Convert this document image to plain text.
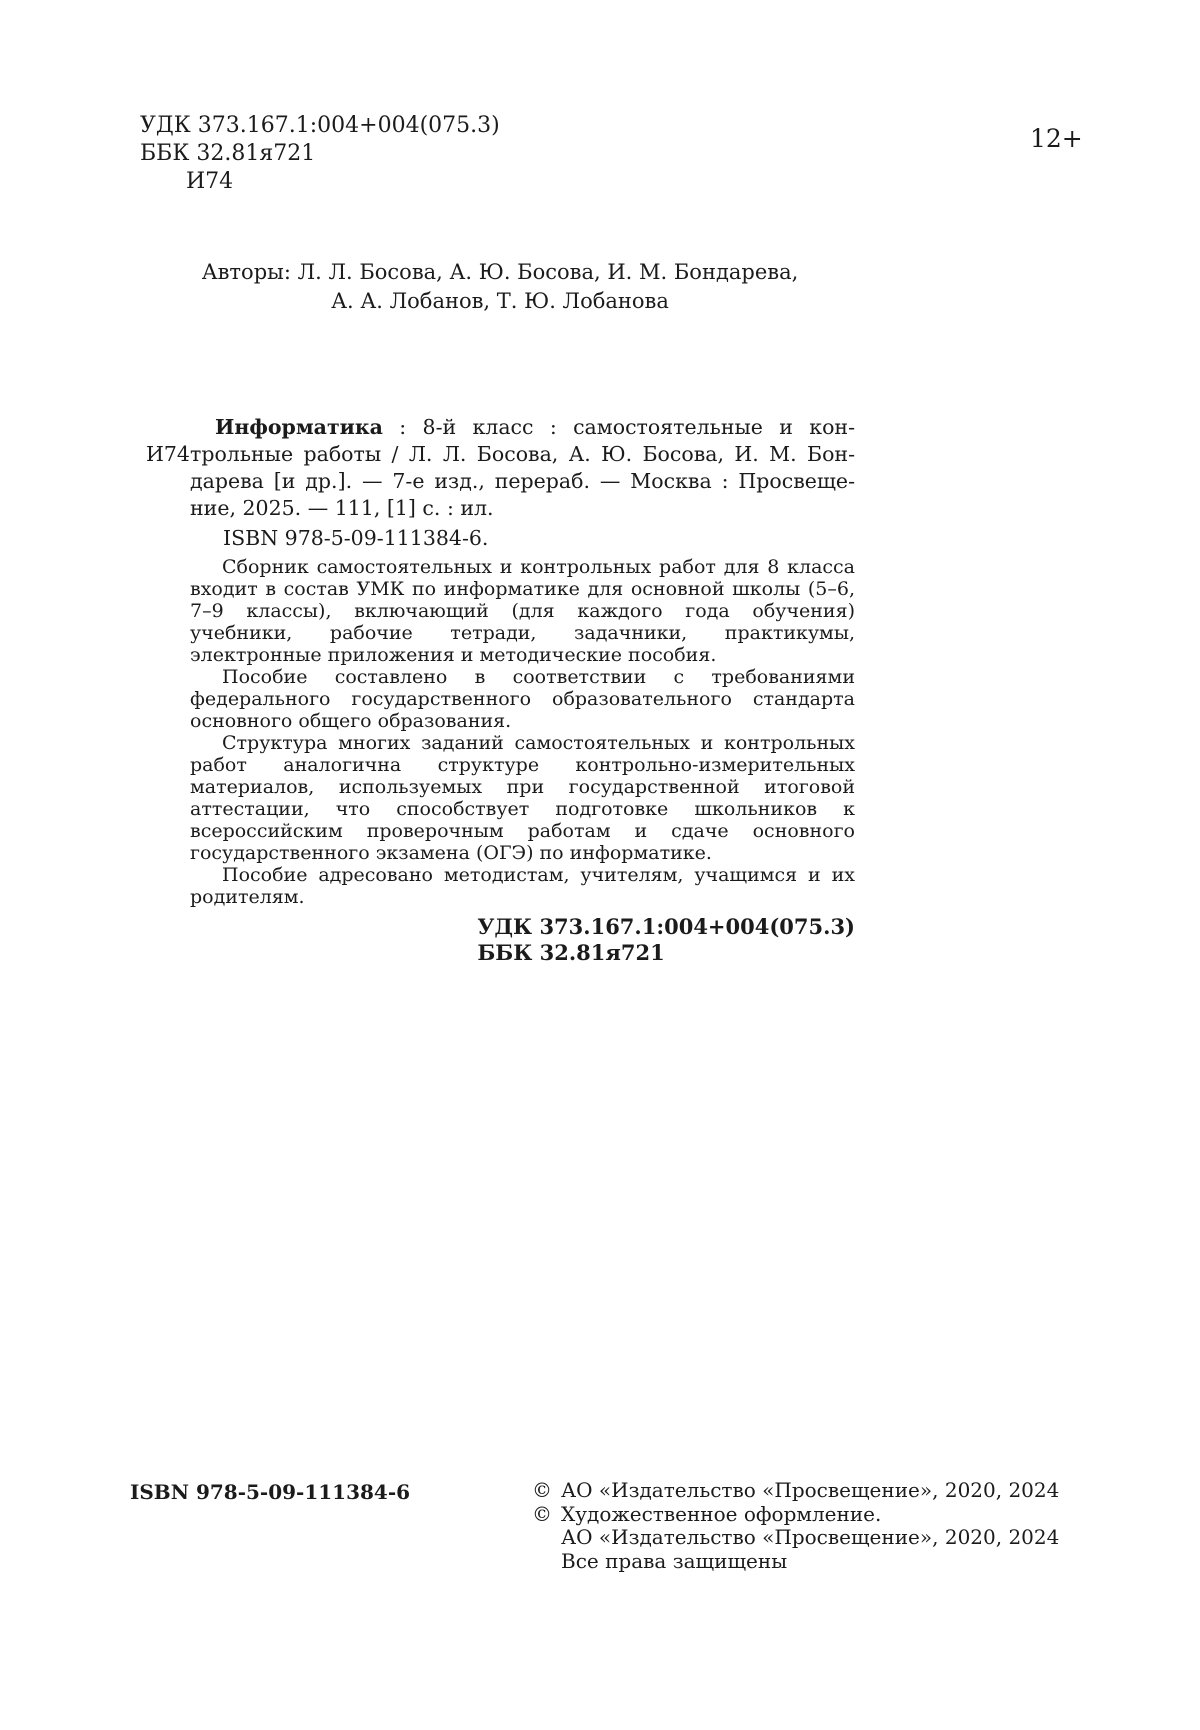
УДК 373.167.1:004+004(075.3)
ББК 32.81я721
И74
12+
Авторы: Л. Л. Босова, А. Ю. Босова, И. М. Бондарева,
А. А. Лобанов, Т. Ю. Лобанова
И74
Информатика : 8-й класс : самостоятельные и кон-
трольные работы / Л. Л. Босова, А. Ю. Босова, И. М. Бон-
дарева [и др.]. — 7-е изд., перераб. — Москва : Просвеще-
ние, 2025. — 111, [1] с. : ил.
ISBN 978-5-09-111384-6.

Сборник самостоятельных и контрольных работ для 8 класса входит в состав УМК по информатике для основной школы (5–6, 7–9 классы), включающий (для каждого года обучения) учебники, рабочие тетради, задачники, практикумы, электронные приложения и методические пособия.

Пособие составлено в соответствии с требованиями федерального государственного образовательного стандарта основного общего образования.

Структура многих заданий самостоятельных и контрольных работ аналогична структуре контрольно-измерительных материалов, используемых при государственной итоговой аттестации, что способствует подготовке школьников к всероссийским проверочным работам и сдаче основного государственного экзамена (ОГЭ) по информатике.

Пособие адресовано методистам, учителям, учащимся и их родителям.

УДК 373.167.1:004+004(075.3)
ББК 32.81я721
ISBN 978-5-09-111384-6	© АО «Издательство «Просвещение», 2020, 2024
© Художественное оформление.
АО «Издательство «Просвещение», 2020, 2024
Все права защищены
